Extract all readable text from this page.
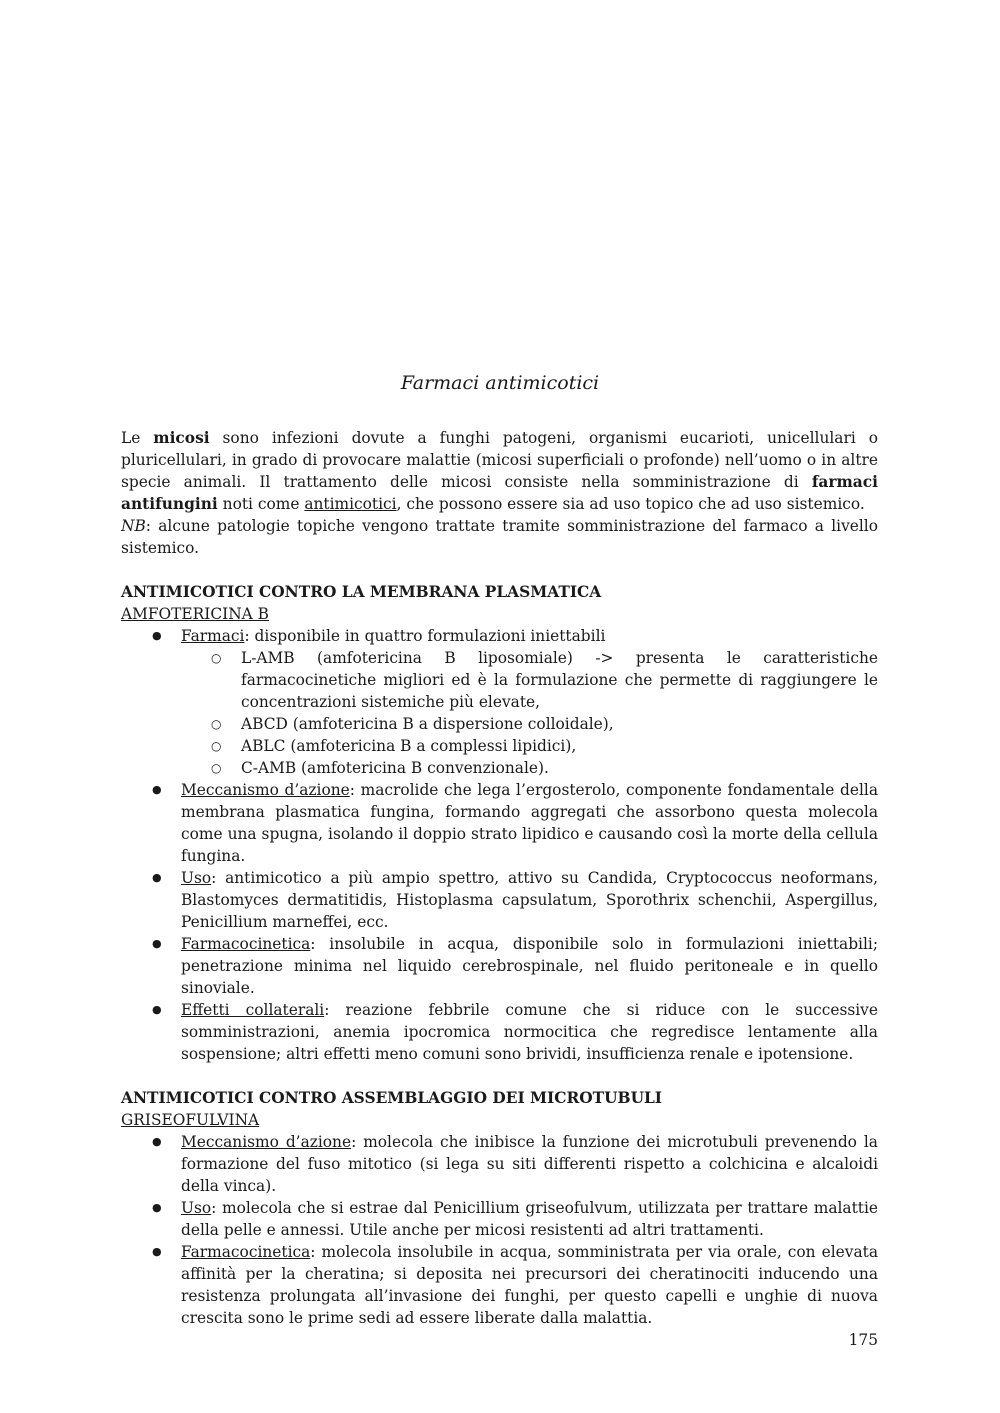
Farmaci antimicotici

Le micosi sono infezioni dovute a funghi patogeni, organismi eucarioti, unicellulari o pluricellulari, in grado di provocare malattie (micosi superficiali o profonde) nell’uomo o in altre specie animali. Il trattamento delle micosi consiste nella somministrazione di farmaci antifungini noti come antimicotici, che possono essere sia ad uso topico che ad uso sistemico.

NB: alcune patologie topiche vengono trattate tramite somministrazione del farmaco a livello sistemico.

ANTIMICOTICI CONTRO LA MEMBRANA PLASMATICA
AMFOTERICINA B
● Farmaci: disponibile in quattro formulazioni iniettabili
○ L-AMB (amfotericina B liposomiale) -> presenta le caratteristiche farmacocinetiche migliori ed è la formulazione che permette di raggiungere le concentrazioni sistemiche più elevate,
○ ABCD (amfotericina B a dispersione colloidale),
○ ABLC (amfotericina B a complessi lipidici),
○ C-AMB (amfotericina B convenzionale).
● Meccanismo d’azione: macrolide che lega l’ergosterolo, componente fondamentale della membrana plasmatica fungina, formando aggregati che assorbono questa molecola come una spugna, isolando il doppio strato lipidico e causando così la morte della cellula fungina.
● Uso: antimicotico a più ampio spettro, attivo su Candida, Cryptococcus neoformans, Blastomyces dermatitidis, Histoplasma capsulatum, Sporothrix schenchii, Aspergillus, Penicillium marneffei, ecc.
● Farmacocinetica: insolubile in acqua, disponibile solo in formulazioni iniettabili; penetrazione minima nel liquido cerebrospinale, nel fluido peritoneale e in quello sinoviale.
● Effetti collaterali: reazione febbrile comune che si riduce con le successive somministrazioni, anemia ipocromica normocitica che regredisce lentamente alla sospensione; altri effetti meno comuni sono brividi, insufficienza renale e ipotensione.
ANTIMICOTICI CONTRO ASSEMBLAGGIO DEI MICROTUBULI
GRISEOFULVINA
● Meccanismo d’azione: molecola che inibisce la funzione dei microtubuli prevenendo la formazione del fuso mitotico (si lega su siti differenti rispetto a colchicina e alcaloidi della vinca).
● Uso: molecola che si estrae dal Penicillium griseofulvum, utilizzata per trattare malattie della pelle e annessi. Utile anche per micosi resistenti ad altri trattamenti.
● Farmacocinetica: molecola insolubile in acqua, somministrata per via orale, con elevata affinità per la cheratina; si deposita nei precursori dei cheratinociti inducendo una resistenza prolungata all’invasione dei funghi, per questo capelli e unghie di nuova crescita sono le prime sedi ad essere liberate dalla malattia.
175
